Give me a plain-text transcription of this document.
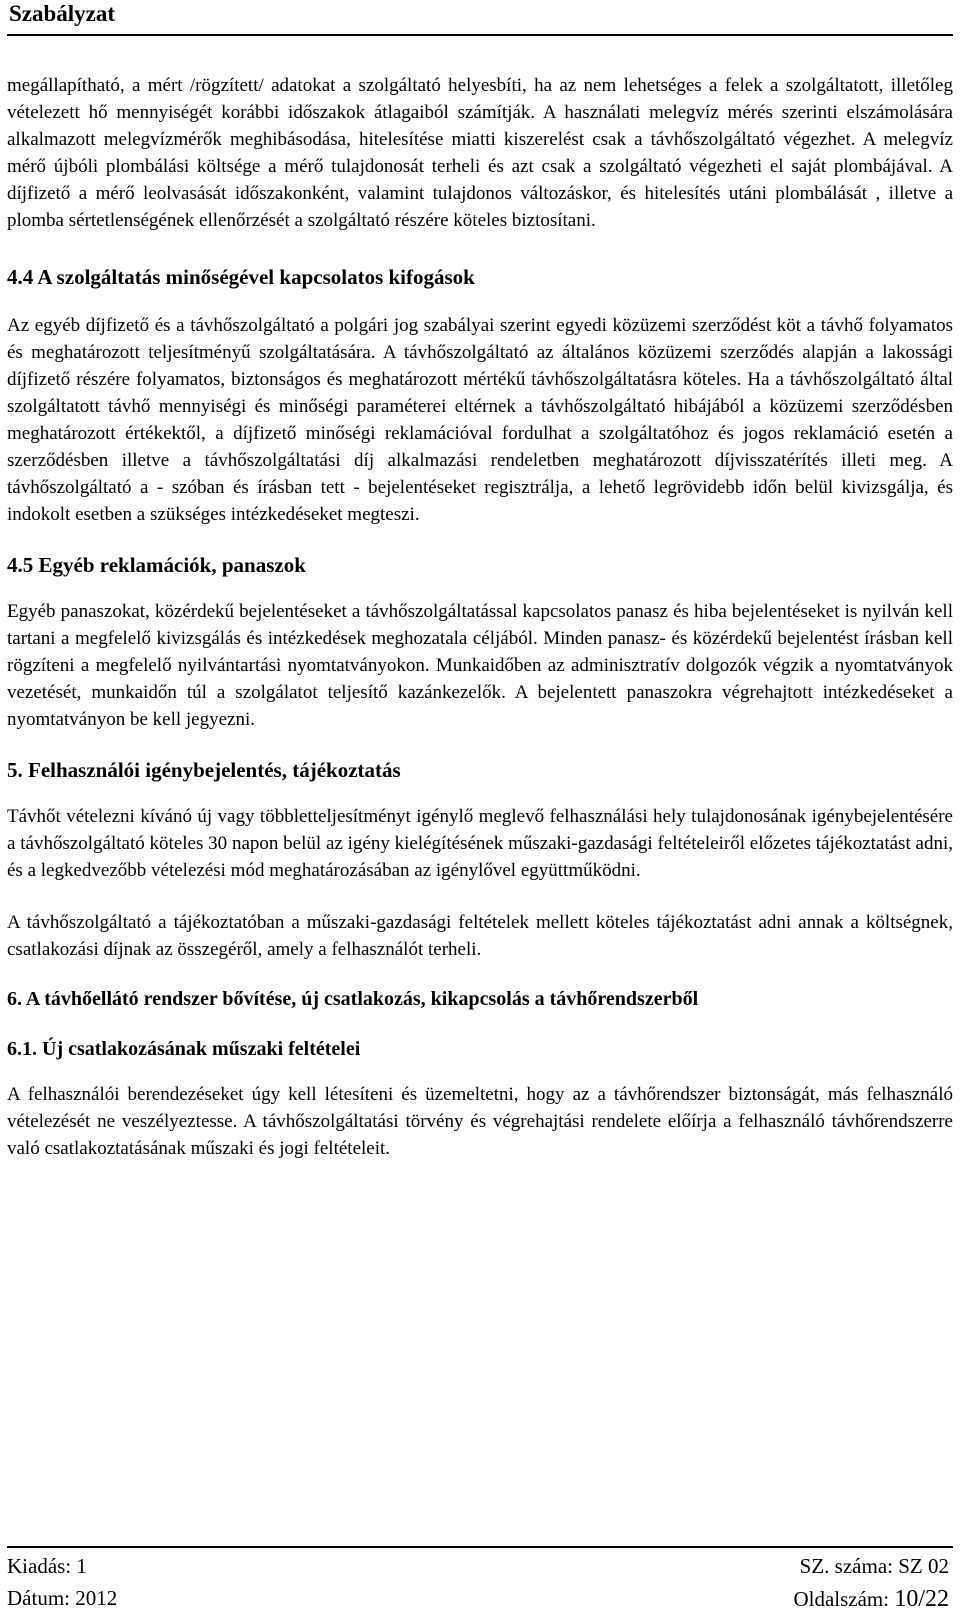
Szabályzat

megállapítható, a mért /rögzített/ adatokat a szolgáltató helyesbíti, ha az nem lehetséges a felek a szolgáltatott, illetőleg vételezett hő mennyiségét korábbi időszakok átlagaiból számítják. A használati melegvíz mérés szerinti elszámolására alkalmazott melegvízmérők meghibásodása, hitelesítése miatti kiszerelést csak a távhőszolgáltató végezhet. A melegvíz mérő újbóli plombálási költsége a mérő tulajdonosát terheli és azt csak a szolgáltató végezheti el saját plombájával. A díjfizető a mérő leolvasását időszakonként, valamint tulajdonos változáskor, és hitelesítés utáni plombálását , illetve a plomba sértetlenségének ellenőrzését a szolgáltató részére köteles biztosítani.

4.4 A szolgáltatás minőségével kapcsolatos kifogások

Az egyéb díjfizető és a távhőszolgáltató a polgári jog szabályai szerint egyedi közüzemi szerződést köt a távhő folyamatos és meghatározott teljesítményű szolgáltatására. A távhőszolgáltató az általános közüzemi szerződés alapján a lakossági díjfizető részére folyamatos, biztonságos és meghatározott mértékű távhőszolgáltatásra köteles. Ha a távhőszolgáltató által szolgáltatott távhő mennyiségi és minőségi paraméterei eltérnek a távhőszolgáltató hibájából a közüzemi szerződésben meghatározott értékektől, a díjfizető minőségi reklamációval fordulhat a szolgáltatóhoz és jogos reklamáció esetén a szerződésben illetve a távhőszolgáltatási díj alkalmazási rendeletben meghatározott díjvisszatérítés illeti meg. A távhőszolgáltató a - szóban és írásban tett - bejelentéseket regisztrálja, a lehető legrövidebb időn belül kivizsgálja, és indokolt esetben a szükséges intézkedéseket megteszi.

4.5 Egyéb reklamációk, panaszok

Egyéb panaszokat, közérdekű bejelentéseket a távhőszolgáltatással kapcsolatos panasz és hiba bejelentéseket is nyilván kell tartani a megfelelő kivizsgálás és intézkedések meghozatala céljából. Minden panasz- és közérdekű bejelentést írásban kell rögzíteni a megfelelő nyilvántartási nyomtatványokon. Munkaidőben az adminisztratív dolgozók végzik a nyomtatványok vezetését, munkaidőn túl a szolgálatot teljesítő kazánkezelők. A bejelentett panaszokra végrehajtott intézkedéseket a nyomtatványon be kell jegyezni.

5. Felhasználói igénybejelentés, tájékoztatás

Távhőt vételezni kívánó új vagy többletteljesítményt igénylő meglevő felhasználási hely tulajdonosának igénybejelentésére a távhőszolgáltató köteles 30 napon belül az igény kielégítésének műszaki-gazdasági feltételeiről előzetes tájékoztatást adni, és a legkedvezőbb vételezési mód meghatározásában az igénylővel együttműködni.

A távhőszolgáltató a tájékoztatóban a műszaki-gazdasági feltételek mellett köteles tájékoztatást adni annak a költségnek, csatlakozási díjnak az összegéről, amely a felhasználót terheli.

6. A távhőellátó rendszer bővítése, új csatlakozás, kikapcsolás a távhőrendszerből
6.1. Új csatlakozásának műszaki feltételei

A felhasználói berendezéseket úgy kell létesíteni és üzemeltetni, hogy az a távhőrendszer biztonságát, más felhasználó vételezését ne veszélyeztesse. A távhőszolgáltatási törvény és végrehajtási rendelete előírja a felhasználó távhőrendszerre való csatlakoztatásának műszaki és jogi feltételeit.

Kiadás: 1	SZ. száma: SZ 02
Dátum: 2012	Oldalszám: 10/22
